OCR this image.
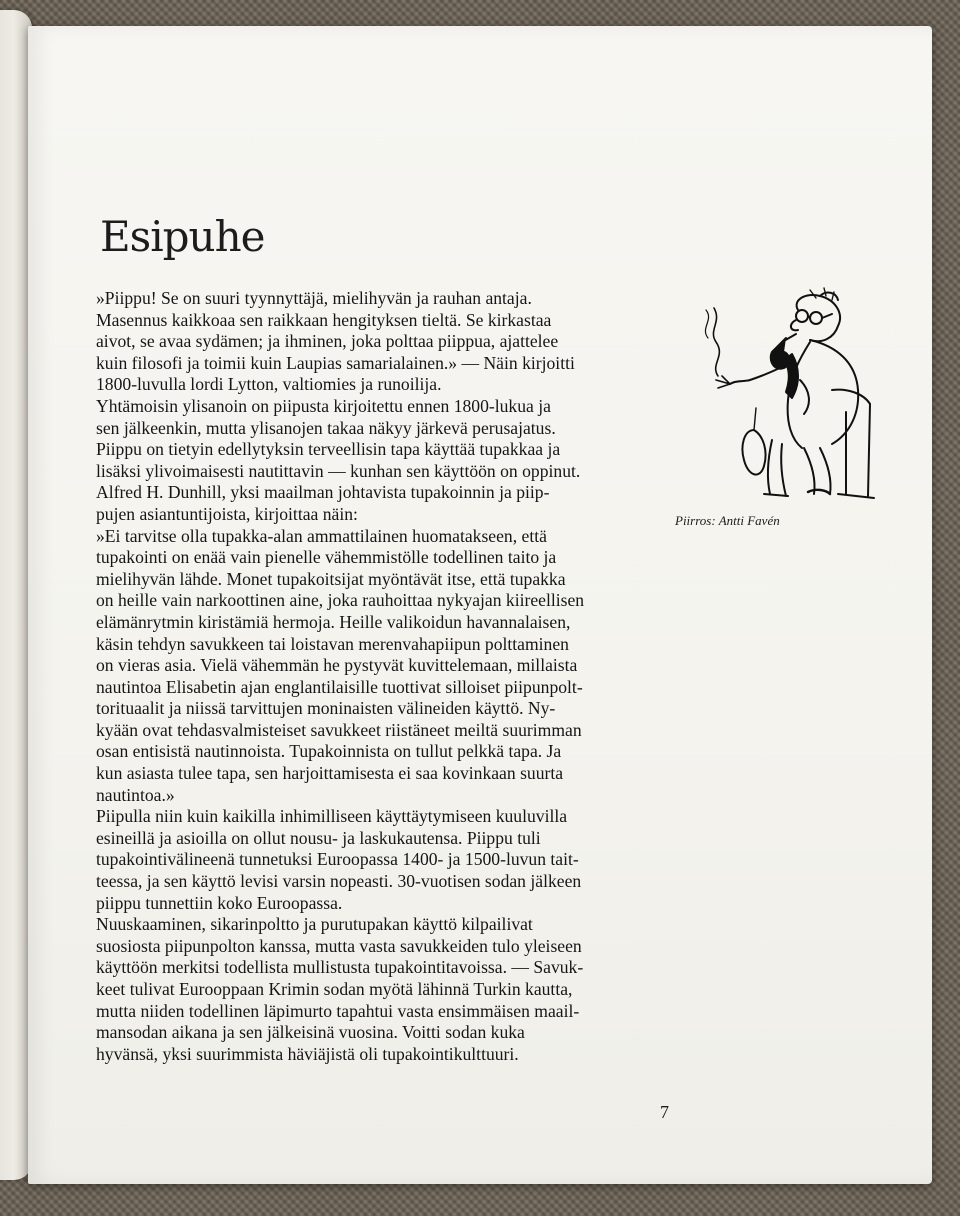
Esipuhe
»Piippu! Se on suuri tyynnyttäjä, mielihyvän ja rauhan antaja.
Masennus kaikkoaa sen raikkaan hengityksen tieltä. Se kirkastaa
aivot, se avaa sydämen; ja ihminen, joka polttaa piippua, ajattelee
kuin filosofi ja toimii kuin Laupias samarialainen.» — Näin kirjoitti
1800-luvulla lordi Lytton, valtiomies ja runoilija.
Yhtämoisin ylisanoin on piipusta kirjoitettu ennen 1800-lukua ja
sen jälkeenkin, mutta ylisanojen takaa näkyy järkevä perusajatus.
Piippu on tietyin edellytyksin terveellisin tapa käyttää tupakkaa ja
lisäksi ylivoimaisesti nautittavin — kunhan sen käyttöön on oppinut.
Alfred H. Dunhill, yksi maailman johtavista tupakoinnin ja piip-
pujen asiantuntijoista, kirjoittaa näin:
»Ei tarvitse olla tupakka-alan ammattilainen huomatakseen, että
tupakointi on enää vain pienelle vähemmistölle todellinen taito ja
mielihyvän lähde. Monet tupakoitsijat myöntävät itse, että tupakka
on heille vain narkoottinen aine, joka rauhoittaa nykyajan kiireellisen
elämänrytmin kiristämiä hermoja. Heille valikoidun havannalaisen,
käsin tehdyn savukkeen tai loistavan merenvahapiipun polttaminen
on vieras asia. Vielä vähemmän he pystyvät kuvittelemaan, millaista
nautintoa Elisabetin ajan englantilaisille tuottivat silloiset piipunpolt-
torituaalit ja niissä tarvittujen moninaisten välineiden käyttö. Ny-
kyään ovat tehdasvalmisteiset savukkeet riistäneet meiltä suurimman
osan entisistä nautinnoista. Tupakoinnista on tullut pelkkä tapa. Ja
kun asiasta tulee tapa, sen harjoittamisesta ei saa kovinkaan suurta
nautintoa.»
Piipulla niin kuin kaikilla inhimilliseen käyttäytymiseen kuuluvilla
esineillä ja asioilla on ollut nousu- ja laskukautensa. Piippu tuli
tupakointivälineenä tunnetuksi Euroopassa 1400- ja 1500-luvun tait-
teessa, ja sen käyttö levisi varsin nopeasti. 30-vuotisen sodan jälkeen
piippu tunnettiin koko Euroopassa.
Nuuskaaminen, sikarinpoltto ja purutupakan käyttö kilpailivat
suosiosta piipunpolton kanssa, mutta vasta savukkeiden tulo yleiseen
käyttöön merkitsi todellista mullistusta tupakointitavoissa. — Savuk-
keet tulivat Eurooppaan Krimin sodan myötä lähinnä Turkin kautta,
mutta niiden todellinen läpimurto tapahtui vasta ensimmäisen maail-
mansodan aikana ja sen jälkeisinä vuosina. Voitti sodan kuka
hyvänsä, yksi suurimmista häviäjistä oli tupakointikulttuuri.

Piirros: Antti Favén

7
